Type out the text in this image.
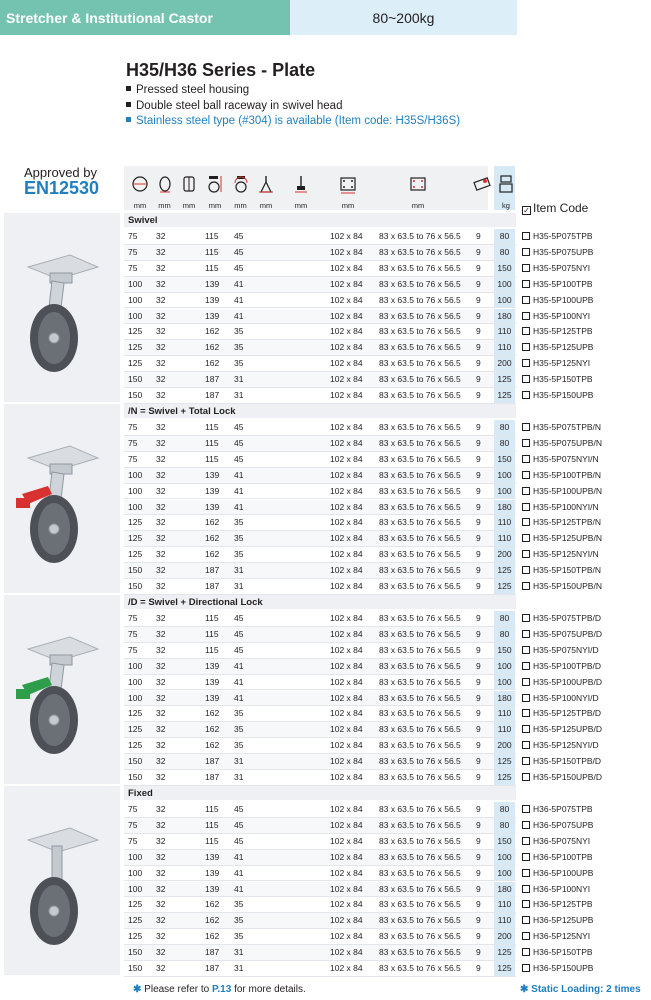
Stretcher & Institutional Castor	80~200kg
H35/H36 Series - Plate
Pressed steel housing
Double steel ball raceway in swivel head
Stainless steel type (#304) is available (Item code: H35S/H36S)
Approved by
EN12530
mm	mm	mm	mm	mm	mm	mm	mm	mm	kg
✓ Item Code
Swivel
75 32	115 45	102 x 84 83 x 63.5 to 76 x 56.5 9	80	H35-5P075TPB
75 32	115 45	102 x 84 83 x 63.5 to 76 x 56.5 9	80	H35-5P075UPB
75 32	115 45	102 x 84 83 x 63.5 to 76 x 56.5 9	150	H35-5P075NYI
100 32	139 41	102 x 84 83 x 63.5 to 76 x 56.5 9	100	H35-5P100TPB
100 32	139 41	102 x 84 83 x 63.5 to 76 x 56.5 9	100	H35-5P100UPB
100 32	139 41	102 x 84 83 x 63.5 to 76 x 56.5 9	180	H35-5P100NYI
125 32	162 35	102 x 84 83 x 63.5 to 76 x 56.5 9	110	H35-5P125TPB
125 32	162 35	102 x 84 83 x 63.5 to 76 x 56.5 9	110	H35-5P125UPB
125 32	162 35	102 x 84 83 x 63.5 to 76 x 56.5 9	200	H35-5P125NYI
150 32	187 31	102 x 84 83 x 63.5 to 76 x 56.5 9	125	H35-5P150TPB
150 32	187 31	102 x 84 83 x 63.5 to 76 x 56.5 9	125	H35-5P150UPB
/N = Swivel + Total Lock
75 32	115 45	102 x 84 83 x 63.5 to 76 x 56.5 9	80	H35-5P075TPB/N
75 32	115 45	102 x 84 83 x 63.5 to 76 x 56.5 9	80	H35-5P075UPB/N
75 32	115 45	102 x 84 83 x 63.5 to 76 x 56.5 9	150	H35-5P075NYI/N
100 32	139 41	102 x 84 83 x 63.5 to 76 x 56.5 9	100	H35-5P100TPB/N
100 32	139 41	102 x 84 83 x 63.5 to 76 x 56.5 9	100	H35-5P100UPB/N
100 32	139 41	102 x 84 83 x 63.5 to 76 x 56.5 9	180	H35-5P100NYI/N
125 32	162 35	102 x 84 83 x 63.5 to 76 x 56.5 9	110	H35-5P125TPB/N
125 32	162 35	102 x 84 83 x 63.5 to 76 x 56.5 9	110	H35-5P125UPB/N
125 32	162 35	102 x 84 83 x 63.5 to 76 x 56.5 9	200	H35-5P125NYI/N
150 32	187 31	102 x 84 83 x 63.5 to 76 x 56.5 9	125	H35-5P150TPB/N
150 32	187 31	102 x 84 83 x 63.5 to 76 x 56.5 9	125	H35-5P150UPB/N
/D = Swivel + Directional Lock
75 32	115 45	102 x 84 83 x 63.5 to 76 x 56.5 9	80	H35-5P075TPB/D
75 32	115 45	102 x 84 83 x 63.5 to 76 x 56.5 9	80	H35-5P075UPB/D
75 32	115 45	102 x 84 83 x 63.5 to 76 x 56.5 9	150	H35-5P075NYI/D
100 32	139 41	102 x 84 83 x 63.5 to 76 x 56.5 9	100	H35-5P100TPB/D
100 32	139 41	102 x 84 83 x 63.5 to 76 x 56.5 9	100	H35-5P100UPB/D
100 32	139 41	102 x 84 83 x 63.5 to 76 x 56.5 9	180	H35-5P100NYI/D
125 32	162 35	102 x 84 83 x 63.5 to 76 x 56.5 9	110	H35-5P125TPB/D
125 32	162 35	102 x 84 83 x 63.5 to 76 x 56.5 9	110	H35-5P125UPB/D
125 32	162 35	102 x 84 83 x 63.5 to 76 x 56.5 9	200	H35-5P125NYI/D
150 32	187 31	102 x 84 83 x 63.5 to 76 x 56.5 9	125	H35-5P150TPB/D
150 32	187 31	102 x 84 83 x 63.5 to 76 x 56.5 9	125	H35-5P150UPB/D
Fixed
75 32	115 45	102 x 84 83 x 63.5 to 76 x 56.5 9	80	H36-5P075TPB
75 32	115 45	102 x 84 83 x 63.5 to 76 x 56.5 9	80	H36-5P075UPB
75 32	115 45	102 x 84 83 x 63.5 to 76 x 56.5 9	150	H36-5P075NYI
100 32	139 41	102 x 84 83 x 63.5 to 76 x 56.5 9	100	H36-5P100TPB
100 32	139 41	102 x 84 83 x 63.5 to 76 x 56.5 9	100	H36-5P100UPB
100 32	139 41	102 x 84 83 x 63.5 to 76 x 56.5 9	180	H36-5P100NYI
125 32	162 35	102 x 84 83 x 63.5 to 76 x 56.5 9	110	H36-5P125TPB
125 32	162 35	102 x 84 83 x 63.5 to 76 x 56.5 9	110	H36-5P125UPB
125 32	162 35	102 x 84 83 x 63.5 to 76 x 56.5 9	200	H36-5P125NYI
150 32	187 31	102 x 84 83 x 63.5 to 76 x 56.5 9	125	H36-5P150TPB
150 32	187 31	102 x 84 83 x 63.5 to 76 x 56.5 9	125	H36-5P150UPB
✱ Please refer to P.13 for more details.	✱ Static Loading: 2 times
